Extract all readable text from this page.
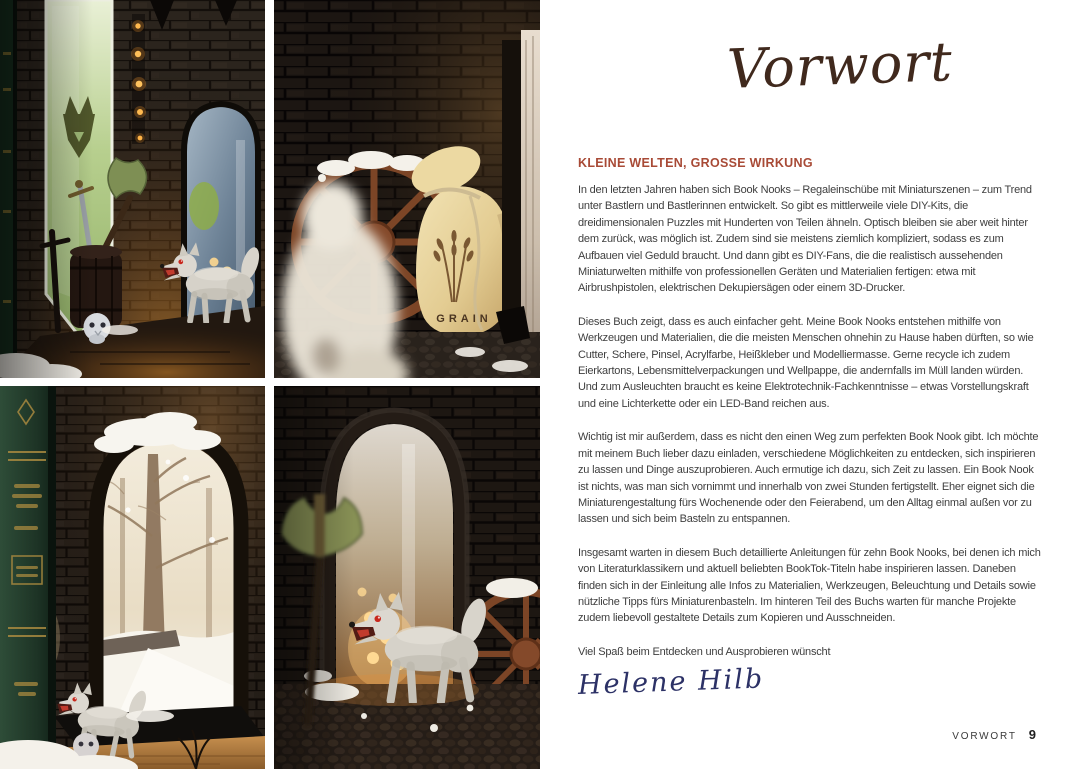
GRAIN
Vorwort
KLEINE WELTEN, GROSSE WIRKUNG

In den letzten Jahren haben sich Book Nooks – Regaleinschübe mit Miniaturszenen – zum Trend unter Bastlern und Bastlerinnen entwickelt. So gibt es mittlerweile viele DIY-Kits, die dreidimensionalen Puzzles mit Hunderten von Teilen ähneln. Optisch bleiben sie aber weit hinter dem zurück, was möglich ist. Zudem sind sie meistens ziemlich kompliziert, sodass es zum Aufbauen viel Geduld braucht. Und dann gibt es DIY-Fans, die die realistisch aussehenden Miniaturwelten mithilfe von professionellen Geräten und Materialien fertigen: etwa mit Airbrushpistolen, elektrischen Dekupiersägen oder einem 3D-Drucker.

Dieses Buch zeigt, dass es auch einfacher geht. Meine Book Nooks entstehen mithilfe von Werkzeugen und Materialien, die die meisten Menschen ohnehin zu Hause haben dürften, so wie Cutter, Schere, Pinsel, Acrylfarbe, Heißkleber und Modelliermasse. Gerne recycle ich zudem Eierkartons, Lebensmittelverpackungen und Wellpappe, die andernfalls im Müll landen würden. Und zum Ausleuchten braucht es keine Elektrotechnik-Fachkenntnisse – etwas Vorstellungskraft und eine Lichterkette oder ein LED-Band reichen aus.

Wichtig ist mir außerdem, dass es nicht den einen Weg zum perfekten Book Nook gibt. Ich möchte mit meinem Buch lieber dazu einladen, verschiedene Möglichkeiten zu entdecken, sich inspirieren zu lassen und Dinge auszuprobieren. Auch ermutige ich dazu, sich Zeit zu lassen. Ein Book Nook ist nichts, was man sich vornimmt und innerhalb von zwei Stunden fertigstellt. Eher eignet sich die Miniaturengestaltung fürs Wochenende oder den Feierabend, um den Alltag einmal außen vor zu lassen und sich beim Basteln zu entspannen.

Insgesamt warten in diesem Buch detaillierte Anleitungen für zehn Book Nooks, bei denen ich mich von Literaturklassikern und aktuell beliebten BookTok-Titeln habe inspirieren lassen. Daneben finden sich in der Einleitung alle Infos zu Materialien, Werkzeugen, Beleuchtung und Details sowie nützliche Tipps fürs Miniaturenbasteln. Im hinteren Teil des Buchs warten für manche Projekte zudem liebevoll gestaltete Details zum Kopieren und Ausschneiden.

Viel Spaß beim Entdecken und Ausprobieren wünscht

Helene Hilb
VORWORT 9
